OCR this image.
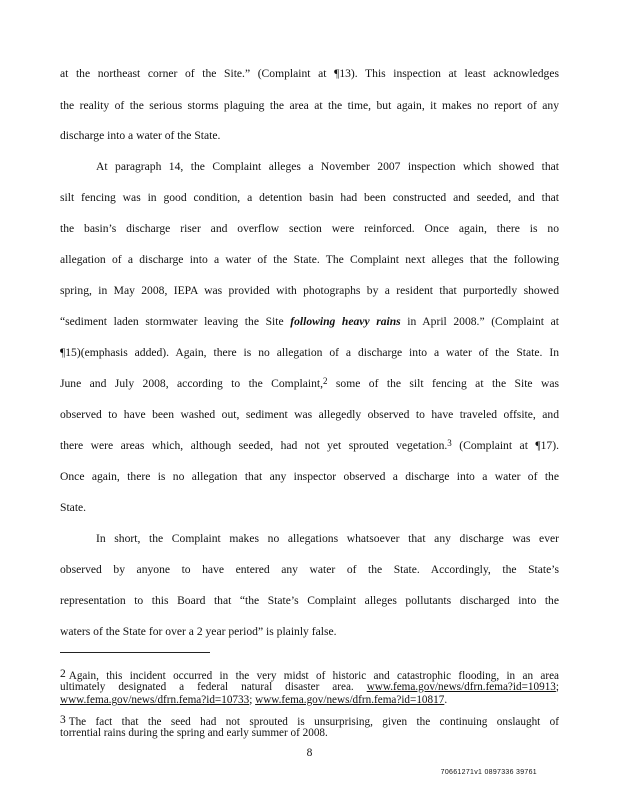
at the northeast corner of the Site.” (Complaint at ¶13). This inspection at least acknowledges
the reality of the serious storms plaguing the area at the time, but again, it makes no report of any
discharge into a water of the State.
At paragraph 14, the Complaint alleges a November 2007 inspection which showed that
silt fencing was in good condition, a detention basin had been constructed and seeded, and that
the basin’s discharge riser and overflow section were reinforced. Once again, there is no
allegation of a discharge into a water of the State. The Complaint next alleges that the following
spring, in May 2008, IEPA was provided with photographs by a resident that purportedly showed
“sediment laden stormwater leaving the Site following heavy rains in April 2008.” (Complaint at
¶15)(emphasis added). Again, there is no allegation of a discharge into a water of the State. In
June and July 2008, according to the Complaint,$^2$ some of the silt fencing at the Site was
observed to have been washed out, sediment was allegedly observed to have traveled offsite, and
there were areas which, although seeded, had not yet sprouted vegetation.$^3$ (Complaint at ¶17).
Once again, there is no allegation that any inspector observed a discharge into a water of the
State.
In short, the Complaint makes no allegations whatsoever that any discharge was ever
observed by anyone to have entered any water of the State. Accordingly, the State’s
representation to this Board that “the State’s Complaint alleges pollutants discharged into the
waters of the State for over a 2 year period” is plainly false.
2 Again, this incident occurred in the very midst of historic and catastrophic flooding, in an area
ultimately designated a federal natural disaster area. www.fema.gov/news/dfrn.fema?id=10913;
www.fema.gov/news/dfrn.fema?id=10733; www.fema.gov/news/dfrn.fema?id=10817.
3 The fact that the seed had not sprouted is unsurprising, given the continuing onslaught of
torrential rains during the spring and early summer of 2008.
8
70661271v1 0897336 39761
